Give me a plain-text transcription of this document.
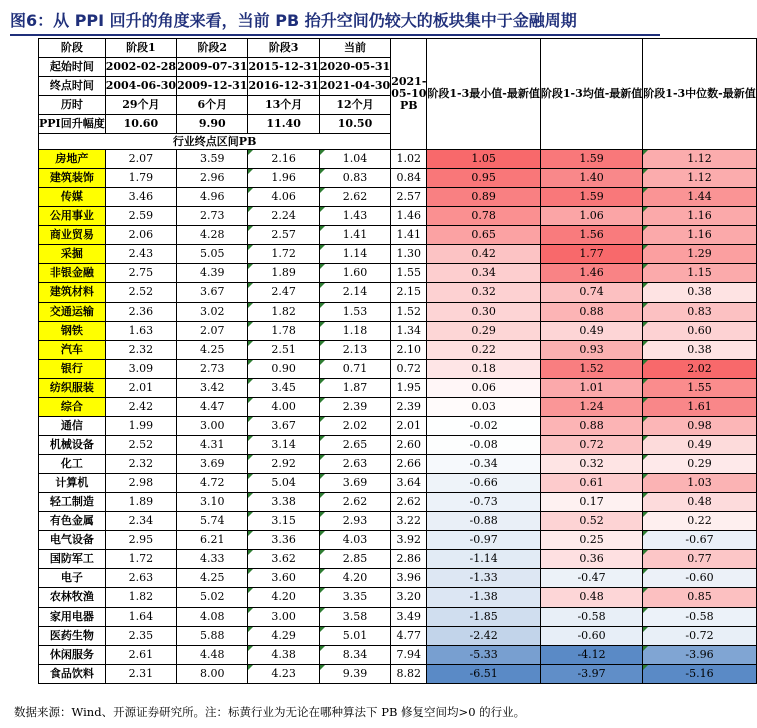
图6：从 PPI 回升的角度来看，当前 PB 抬升空间仍较大的板块集中于金融周期
阶段	阶段1	阶段2	阶段3	当前	2021-05-10 PB	阶段1-3最小值-最新值	阶段1-3均值-最新值	阶段1-3中位数-最新值
起始时间	2002-02-28	2009-07-31	2015-12-31	2020-05-31				
终点时间	2004-06-30	2009-12-31	2016-12-31	2021-04-30				
历时	29个月	6个月	13个月	12个月				
PPI回升幅度	10.60	9.90	11.40	10.50				
行业终点区间PB								
房地产	2.07	3.59	2.16	1.04	1.02	1.05	1.59	1.12
建筑装饰	1.79	2.96	1.96	0.83	0.84	0.95	1.40	1.12
传媒	3.46	4.96	4.06	2.62	2.57	0.89	1.59	1.44
公用事业	2.59	2.73	2.24	1.43	1.46	0.78	1.06	1.16
商业贸易	2.06	4.28	2.57	1.41	1.41	0.65	1.56	1.16
采掘	2.43	5.05	1.72	1.14	1.30	0.42	1.77	1.29
非银金融	2.75	4.39	1.89	1.60	1.55	0.34	1.46	1.15
建筑材料	2.52	3.67	2.47	2.14	2.15	0.32	0.74	0.38
交通运输	2.36	3.02	1.82	1.53	1.52	0.30	0.88	0.83
钢铁	1.63	2.07	1.78	1.18	1.34	0.29	0.49	0.60
汽车	2.32	4.25	2.51	2.13	2.10	0.22	0.93	0.38
银行	3.09	2.73	0.90	0.71	0.72	0.18	1.52	2.02
纺织服装	2.01	3.42	3.45	1.87	1.95	0.06	1.01	1.55
综合	2.42	4.47	4.00	2.39	2.39	0.03	1.24	1.61
通信	1.99	3.00	3.67	2.02	2.01	-0.02	0.88	0.98
机械设备	2.52	4.31	3.14	2.65	2.60	-0.08	0.72	0.49
化工	2.32	3.69	2.92	2.63	2.66	-0.34	0.32	0.29
计算机	2.98	4.72	5.04	3.69	3.64	-0.66	0.61	1.03
轻工制造	1.89	3.10	3.38	2.62	2.62	-0.73	0.17	0.48
有色金属	2.34	5.74	3.15	2.93	3.22	-0.88	0.52	0.22
电气设备	2.95	6.21	3.36	4.03	3.92	-0.97	0.25	-0.67
国防军工	1.72	4.33	3.62	2.85	2.86	-1.14	0.36	0.77
电子	2.63	4.25	3.60	4.20	3.96	-1.33	-0.47	-0.60
农林牧渔	1.82	5.02	4.20	3.35	3.20	-1.38	0.48	0.85
家用电器	1.64	4.08	3.00	3.58	3.49	-1.85	-0.58	-0.58
医药生物	2.35	5.88	4.29	5.01	4.77	-2.42	-0.60	-0.72
休闲服务	2.61	4.48	4.38	8.34	7.94	-5.33	-4.12	-3.96
食品饮料	2.31	8.00	4.23	9.39	8.82	-6.51	-3.97	-5.16
数据来源：Wind、开源证券研究所。注：标黄行业为无论在哪种算法下 PB 修复空间均>0 的行业。
